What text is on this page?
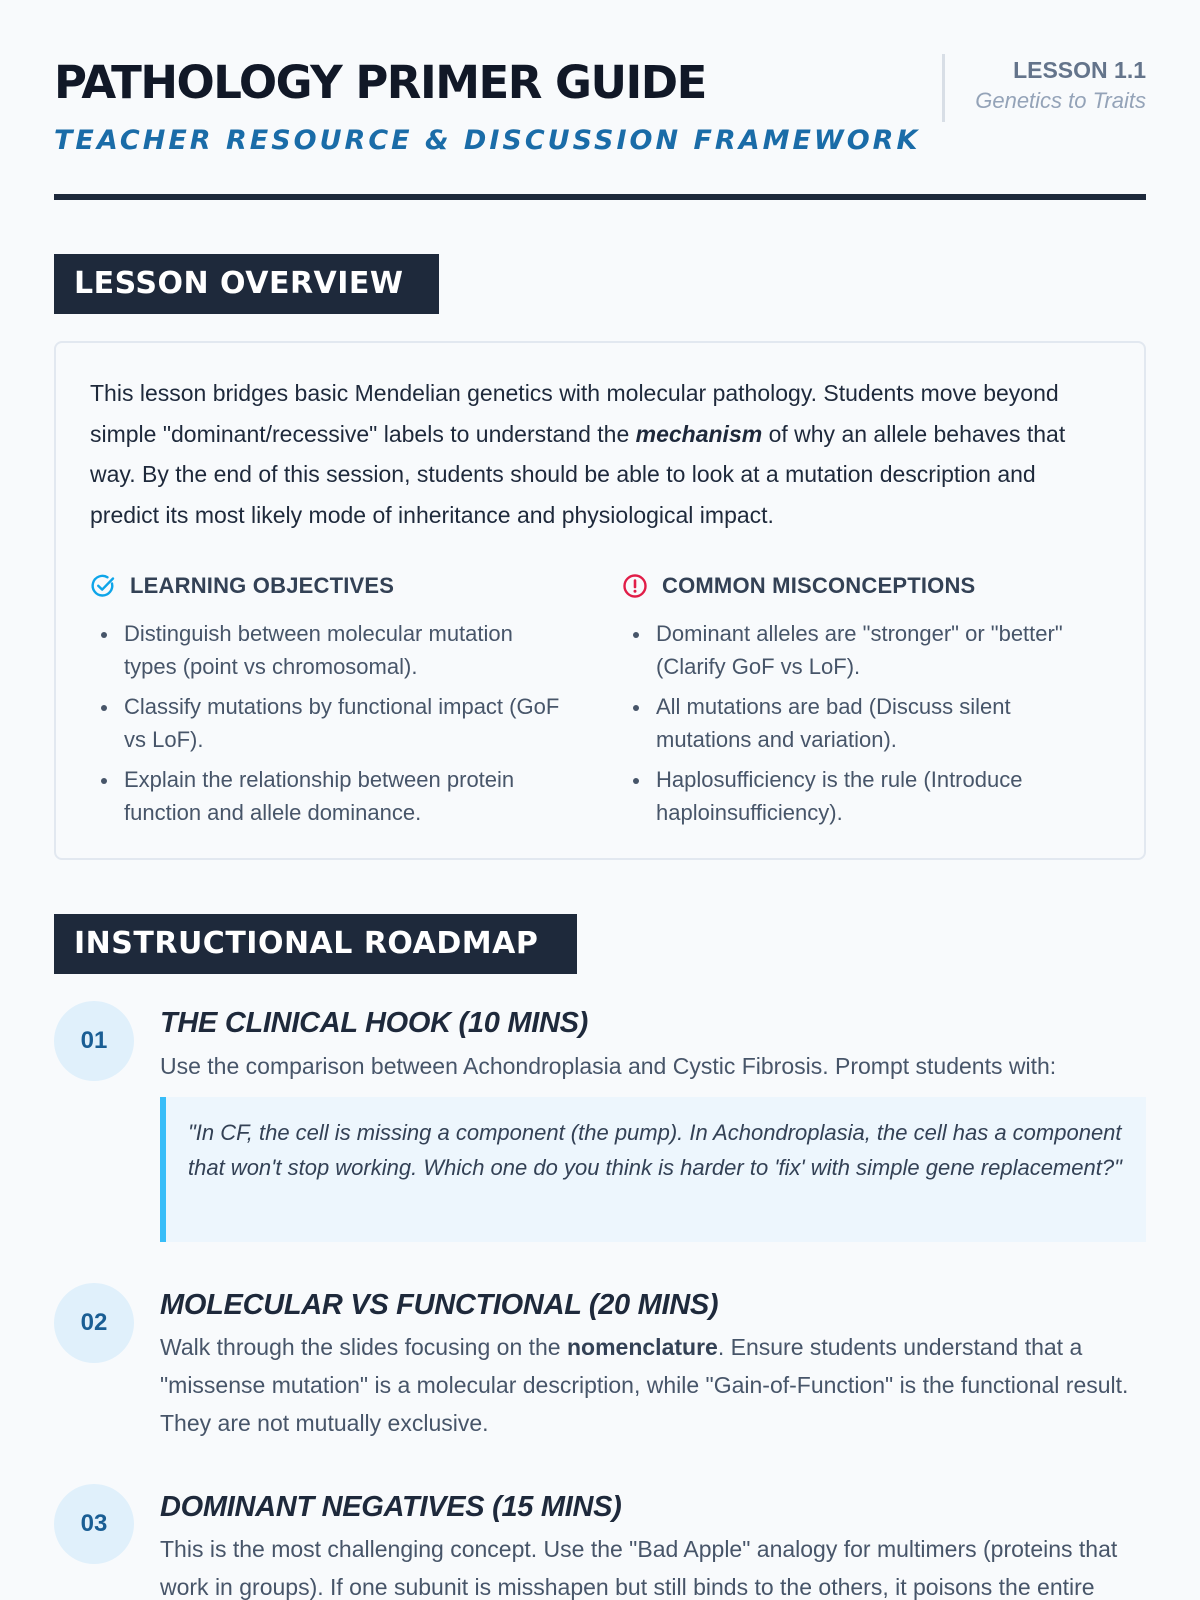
PATHOLOGY PRIMER GUIDE
TEACHER RESOURCE & DISCUSSION FRAMEWORK
LESSON 1.1
Genetics to Traits
LESSON OVERVIEW

This lesson bridges basic Mendelian genetics with molecular pathology. Students move beyond simple "dominant/recessive" labels to understand the mechanism of why an allele behaves that way. By the end of this session, students should be able to look at a mutation description and predict its most likely mode of inheritance and physiological impact.

LEARNING OBJECTIVES
Distinguish between molecular mutation types (point vs chromosomal).
Classify mutations by functional impact (GoF vs LoF).
Explain the relationship between protein function and allele dominance.
COMMON MISCONCEPTIONS
Dominant alleles are "stronger" or "better" (Clarify GoF vs LoF).
All mutations are bad (Discuss silent mutations and variation).
Haplosufficiency is the rule (Introduce haploinsufficiency).
INSTRUCTIONAL ROADMAP
01
THE CLINICAL HOOK (10 MINS)
Use the comparison between Achondroplasia and Cystic Fibrosis. Prompt students with:
"In CF, the cell is missing a component (the pump). In Achondroplasia, the cell has a component that won't stop working. Which one do you think is harder to 'fix' with simple gene replacement?"
02
MOLECULAR VS FUNCTIONAL (20 MINS)
Walk through the slides focusing on the nomenclature. Ensure students understand that a "missense mutation" is a molecular description, while "Gain-of-Function" is the functional result. They are not mutually exclusive.
03
DOMINANT NEGATIVES (15 MINS)
This is the most challenging concept. Use the "Bad Apple" analogy for multimers (proteins that work in groups). If one subunit is misshapen but still binds to the others, it poisons the entire
